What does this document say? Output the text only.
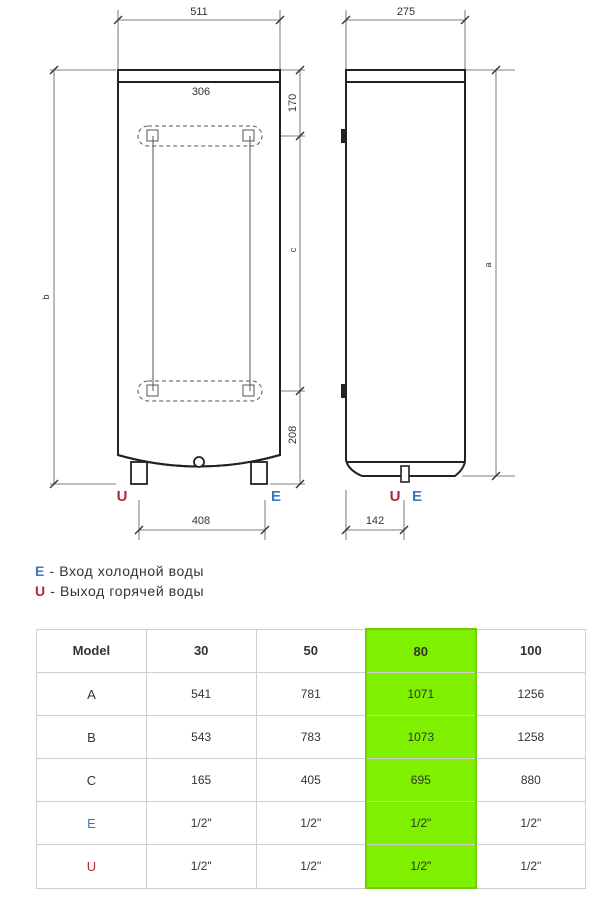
511
306
170
c
208
b
408
275
a
142
U	E	U E
E - Вход холодной воды
U - Выход горячей воды
Model	30	50	80	100
A	541	781	1071	1256
B	543	783	1073	1258
C	165	405	695	880
E	1/2"	1/2"	1/2"	1/2"
U	1/2"	1/2"	1/2"	1/2"
